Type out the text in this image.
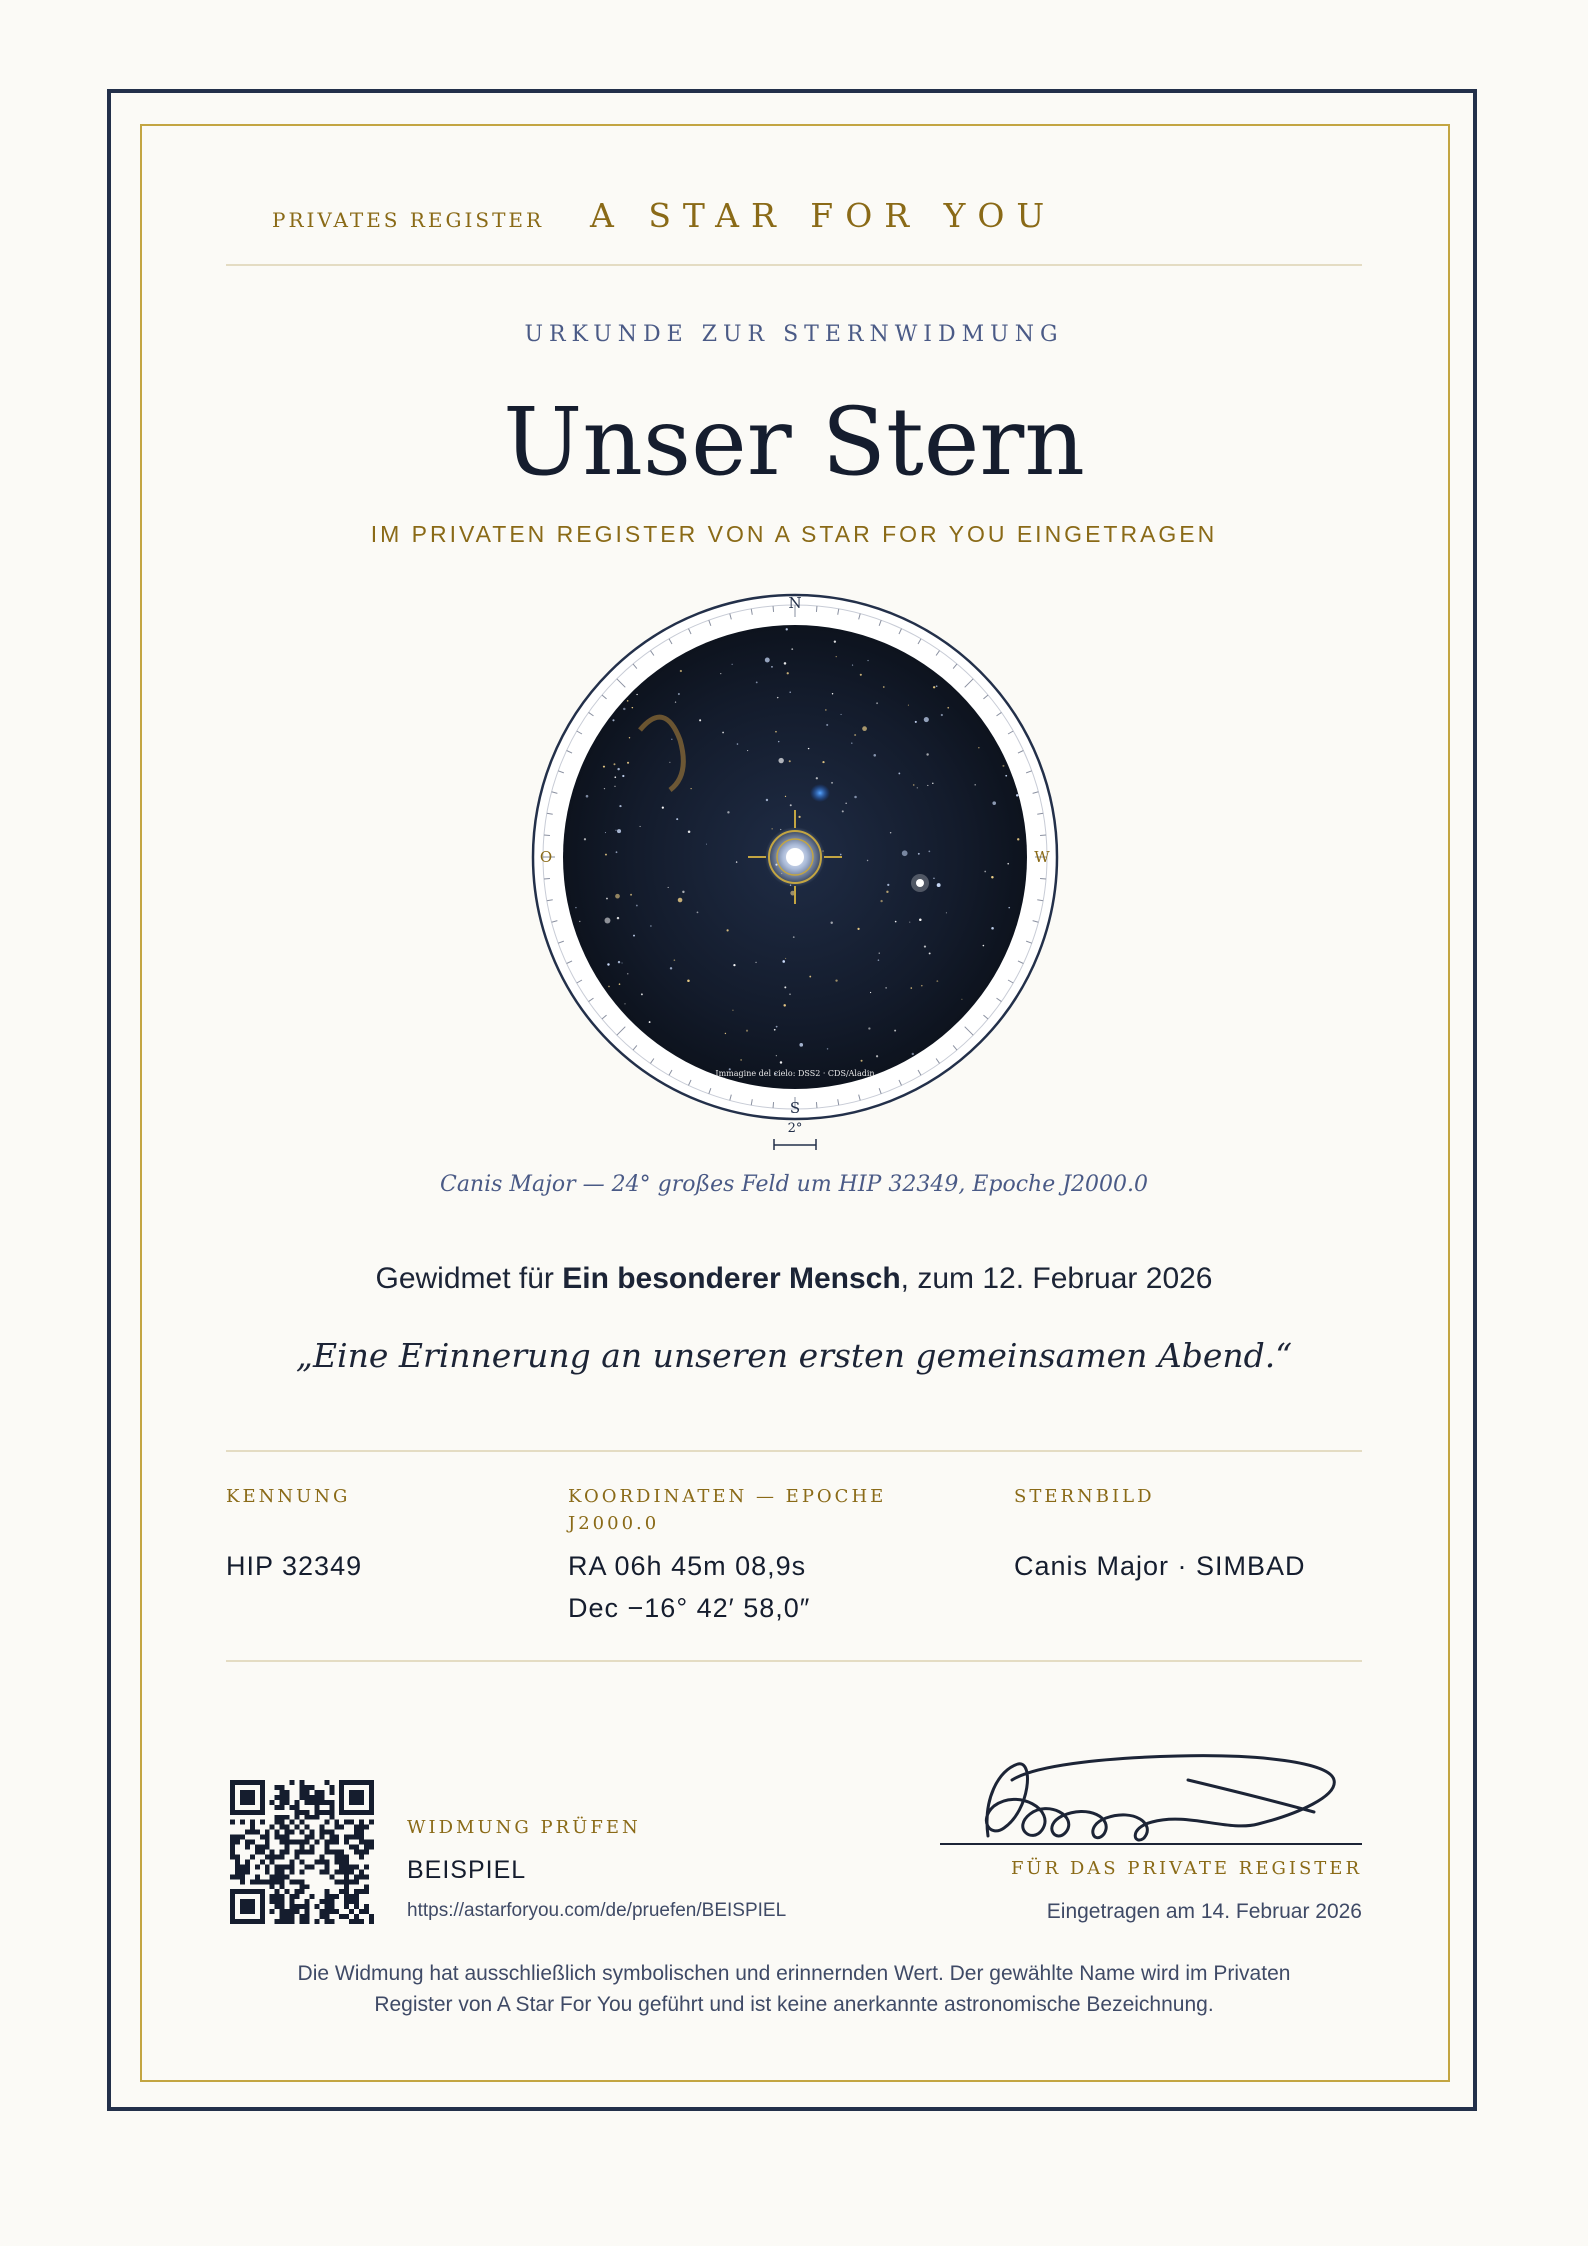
PRIVATES REGISTER A STAR FOR YOU
URKUNDE ZUR STERNWIDMUNG
Unser Stern
IM PRIVATEN REGISTER VON A STAR FOR YOU EINGETRAGEN
N
S
O	W
Immagine del cielo: DSS2 · CDS/Aladin
2°
Canis Major — 24° großes Feld um HIP 32349, Epoche J2000.0
Gewidmet für Ein besonderer Mensch, zum 12. Februar 2026
„Eine Erinnerung an unseren ersten gemeinsamen Abend.“
KENNUNG
HIP 32349
KOORDINATEN — EPOCHE
J2000.0
RA 06h 45m 08,9s
Dec −16° 42′ 58,0″
STERNBILD
Canis Major · SIMBAD
WIDMUNG PRÜFEN
BEISPIEL
https://astarforyou.com/de/pruefen/BEISPIEL
FÜR DAS PRIVATE REGISTER
Eingetragen am 14. Februar 2026
Die Widmung hat ausschließlich symbolischen und erinnernden Wert. Der gewählte Name wird im Privaten
Register von A Star For You geführt und ist keine anerkannte astronomische Bezeichnung.
